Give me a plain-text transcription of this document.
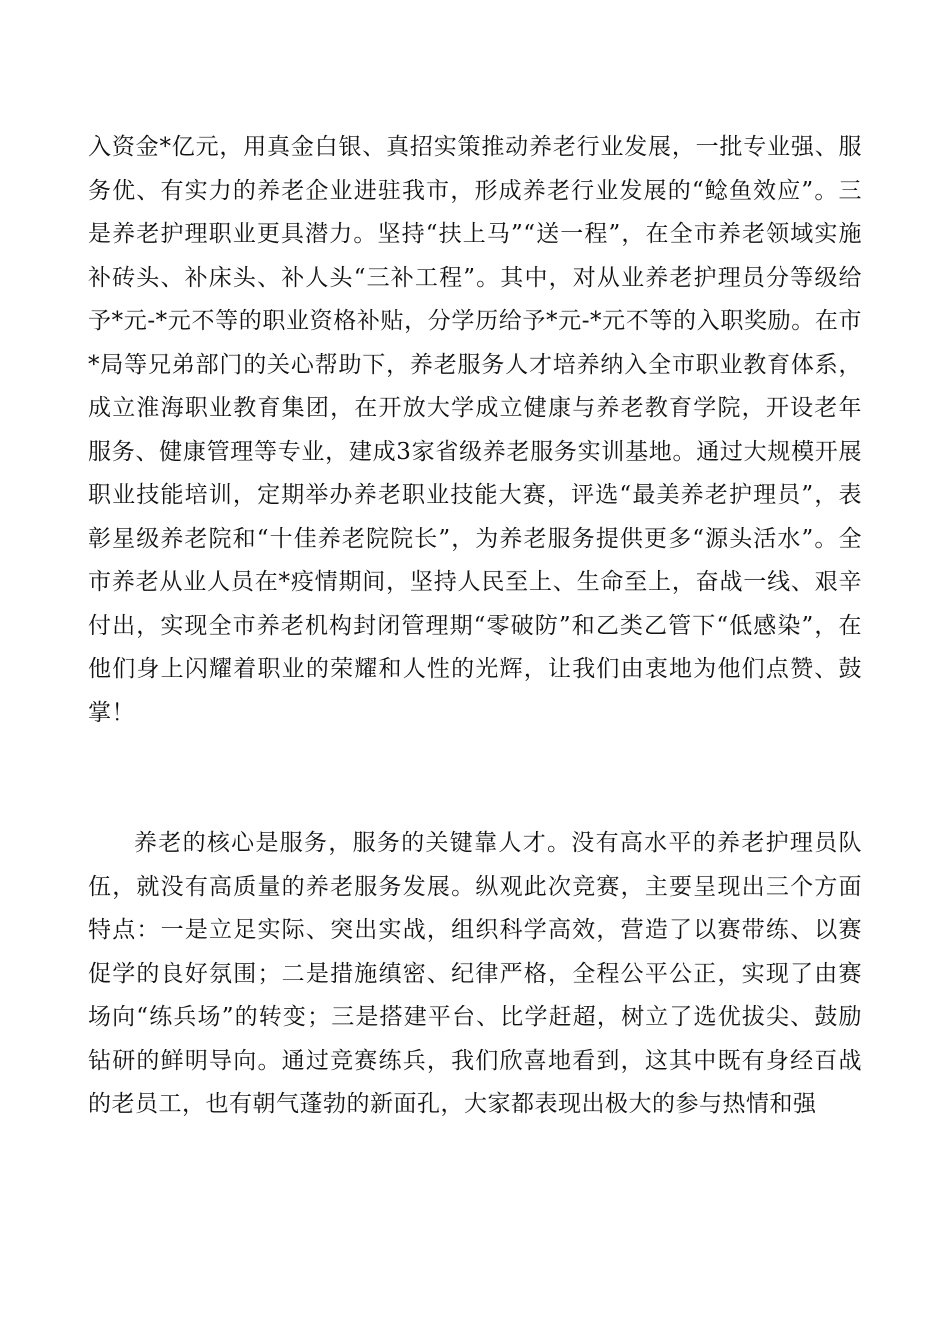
入资金*亿元，用真金白银、真招实策推动养老行业发展，一批专业强、服务优、有实力的养老企业进驻我市，形成养老行业发展的“鲶鱼效应”。三是养老护理职业更具潜力。坚持“扶上马”“送一程”，在全市养老领域实施补砖头、补床头、补人头“三补工程”。其中，对从业养老护理员分等级给予*元-*元不等的职业资格补贴，分学历给予*元-*元不等的入职奖励。在市*局等兄弟部门的关心帮助下，养老服务人才培养纳入全市职业教育体系，成立淮海职业教育集团，在开放大学成立健康与养老教育学院，开设老年服务、健康管理等专业，建成3家省级养老服务实训基地。通过大规模开展职业技能培训，定期举办养老职业技能大赛，评选“最美养老护理员”，表彰星级养老院和“十佳养老院院长”，为养老服务提供更多“源头活水”。全市养老从业人员在*疫情期间，坚持人民至上、生命至上，奋战一线、艰辛付出，实现全市养老机构封闭管理期“零破防”和乙类乙管下“低感染”，在他们身上闪耀着职业的荣耀和人性的光辉，让我们由衷地为他们点赞、鼓掌！

养老的核心是服务，服务的关键靠人才。没有高水平的养老护理员队伍，就没有高质量的养老服务发展。纵观此次竞赛，主要呈现出三个方面特点：一是立足实际、突出实战，组织科学高效，营造了以赛带练、以赛促学的良好氛围；二是措施缜密、纪律严格，全程公平公正，实现了由赛场向“练兵场”的转变；三是搭建平台、比学赶超，树立了选优拔尖、鼓励钻研的鲜明导向。通过竞赛练兵，我们欣喜地看到，这其中既有身经百战的老员工，也有朝气蓬勃的新面孔，大家都表现出极大的参与热情和强
